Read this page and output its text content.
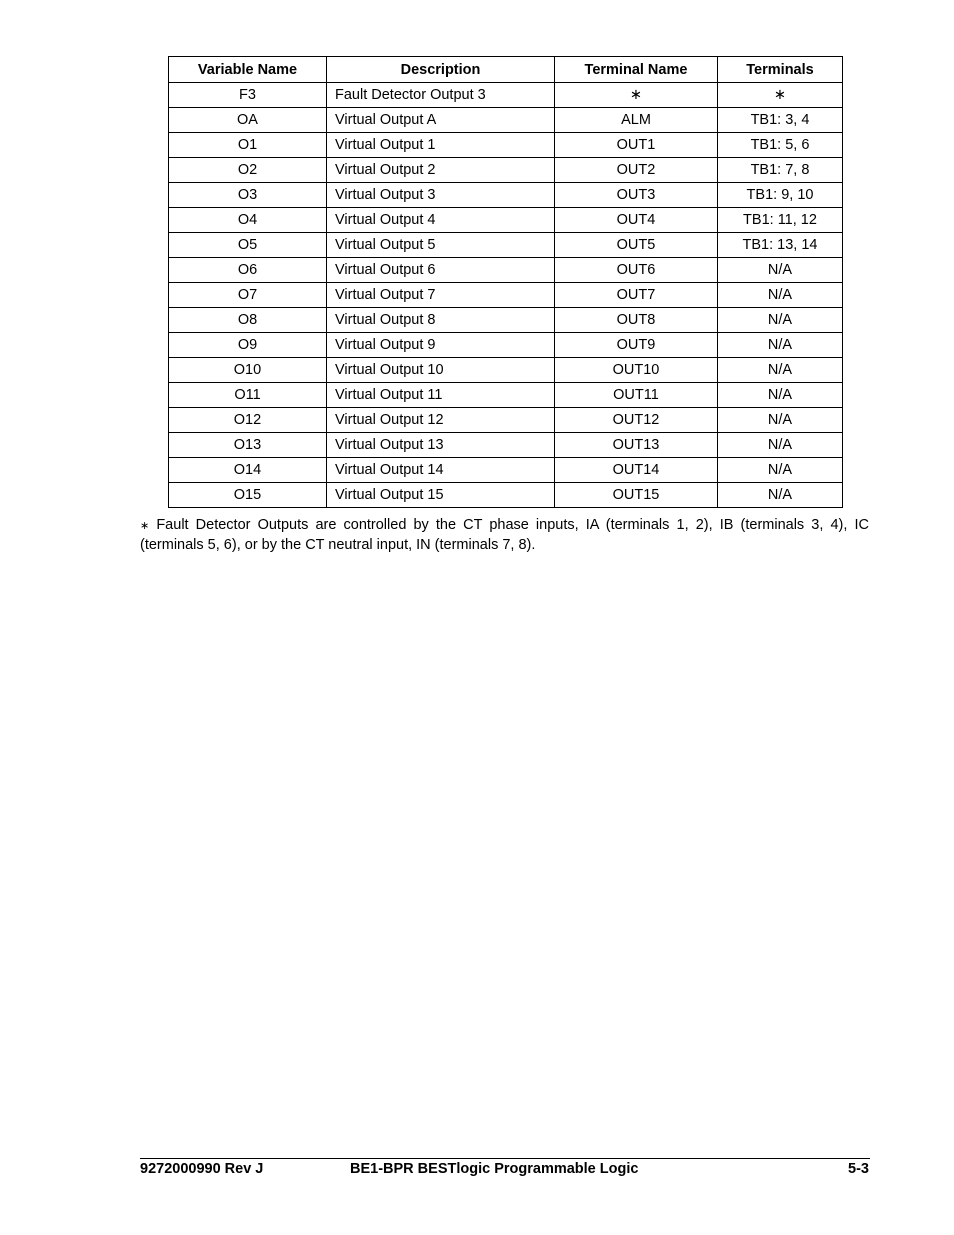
Variable Name	Description	Terminal Name	Terminals
F3	Fault Detector Output 3	∗	∗
OA	Virtual Output A	ALM	TB1: 3, 4
O1	Virtual Output 1	OUT1	TB1: 5, 6
O2	Virtual Output 2	OUT2	TB1: 7, 8
O3	Virtual Output 3	OUT3	TB1: 9, 10
O4	Virtual Output 4	OUT4	TB1: 11, 12
O5	Virtual Output 5	OUT5	TB1: 13, 14
O6	Virtual Output 6	OUT6	N/A
O7	Virtual Output 7	OUT7	N/A
O8	Virtual Output 8	OUT8	N/A
O9	Virtual Output 9	OUT9	N/A
O10	Virtual Output 10	OUT10	N/A
O11	Virtual Output 11	OUT11	N/A
O12	Virtual Output 12	OUT12	N/A
O13	Virtual Output 13	OUT13	N/A
O14	Virtual Output 14	OUT14	N/A
O15	Virtual Output 15	OUT15	N/A
∗ Fault Detector Outputs are controlled by the CT phase inputs, IA (terminals 1, 2), IB (terminals 3, 4), IC (terminals 5, 6), or by the CT neutral input, IN (terminals 7, 8).
9272000990 Rev J	BE1-BPR BESTlogic Programmable Logic	5-3
